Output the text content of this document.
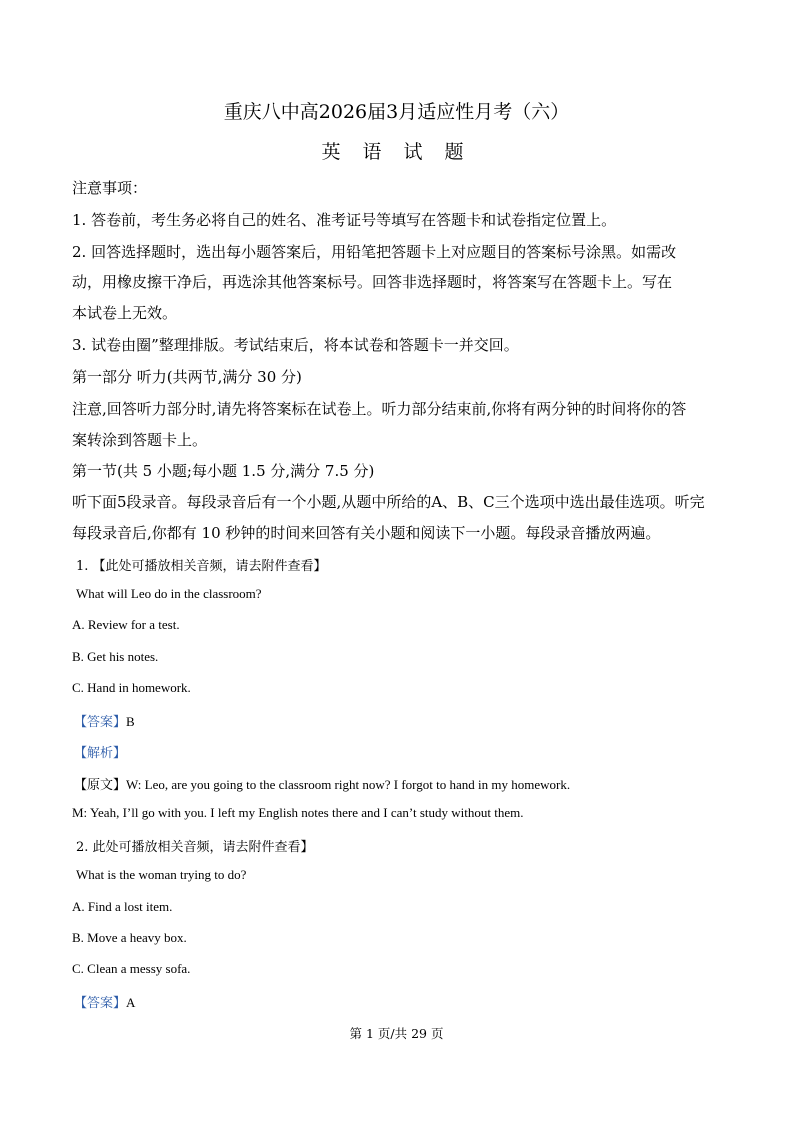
重庆八中高2026届3月适应性月考（六）
英 语 试 题
注意事项：
1. 答卷前，考生务必将自己的姓名、准考证号等填写在答题卡和试卷指定位置上。
2. 回答选择题时，选出每小题答案后，用铅笔把答题卡上对应题目的答案标号涂黑。如需改
动，用橡皮擦干净后，再选涂其他答案标号。回答非选择题时，将答案写在答题卡上。写在
本试卷上无效。
3. 试卷由圈”整理排版。考试结束后，将本试卷和答题卡一并交回。
第一部分 听力(共两节,满分 30 分)
注意,回答听力部分时,请先将答案标在试卷上。听力部分结束前,你将有两分钟的时间将你的答
案转涂到答题卡上。
第一节(共 5 小题;每小题 1.5 分,满分 7.5 分)
听下面5段录音。每段录音后有一个小题,从题中所给的A、B、C三个选项中选出最佳选项。听完
每段录音后,你都有 10 秒钟的时间来回答有关小题和阅读下一小题。每段录音播放两遍。
1. 【此处可播放相关音频，请去附件查看】
What will Leo do in the classroom?
A. Review for a test.
B. Get his notes.
C. Hand in homework.
【答案】B
【解析】
【原文】W: Leo, are you going to the classroom right now? I forgot to hand in my homework.
M: Yeah, I’ll go with you. I left my English notes there and I can’t study without them.
2. 此处可播放相关音频，请去附件查看】
What is the woman trying to do?
A. Find a lost item.
B. Move a heavy box.
C. Clean a messy sofa.
【答案】A
第 1 页/共 29 页
